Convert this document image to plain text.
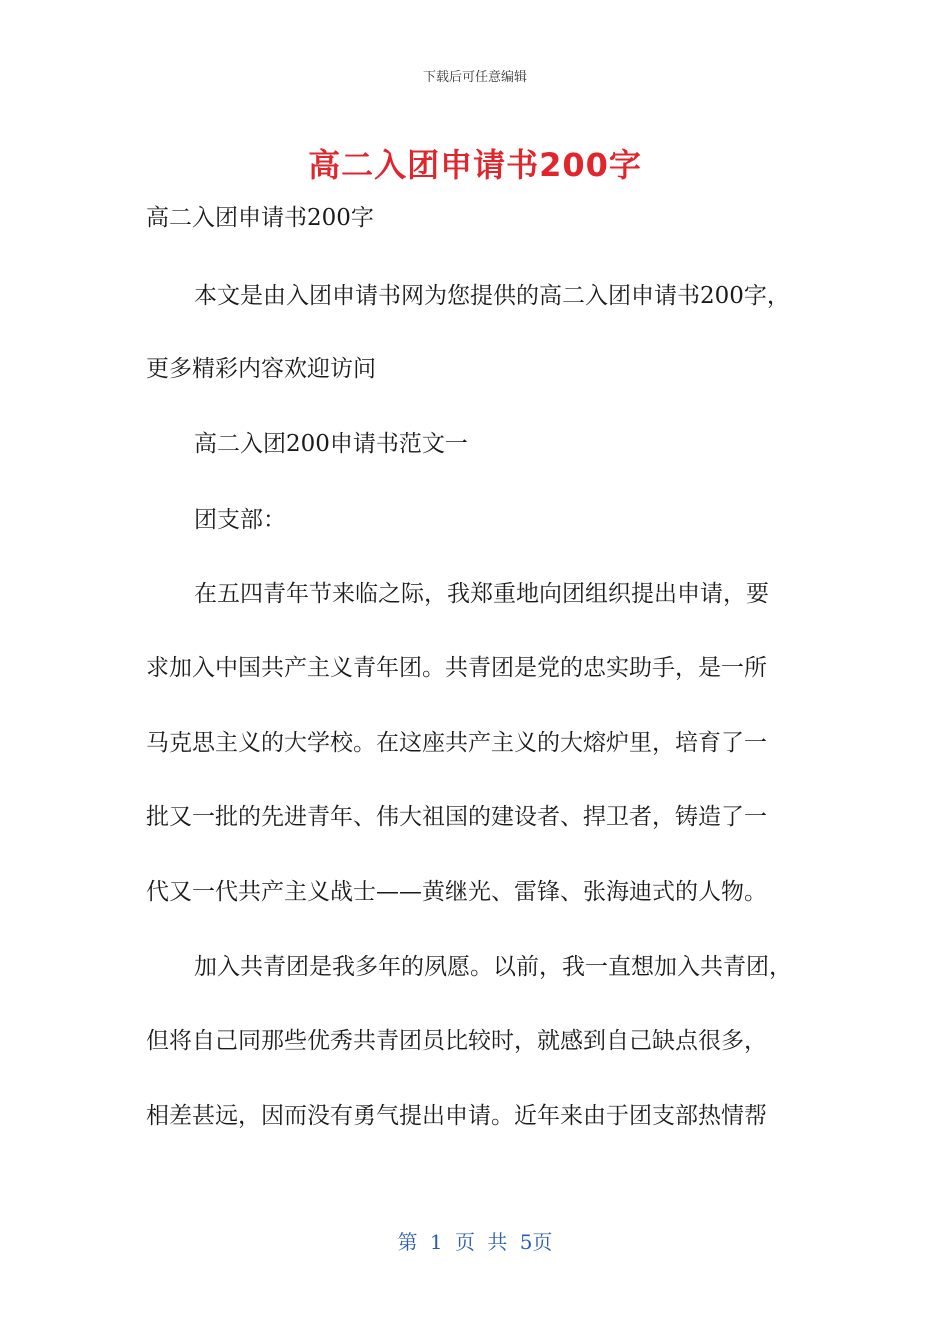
下载后可任意编辑
高二入团申请书200字
高二入团申请书200字
本文是由入团申请书网为您提供的高二入团申请书200字，
更多精彩内容欢迎访问
高二入团200申请书范文一
团支部：
在五四青年节来临之际，我郑重地向团组织提出申请，要
求加入中国共产主义青年团。共青团是党的忠实助手，是一所
马克思主义的大学校。在这座共产主义的大熔炉里，培育了一
批又一批的先进青年、伟大祖国的建设者、捍卫者，铸造了一
代又一代共产主义战士——黄继光、雷锋、张海迪式的人物。
加入共青团是我多年的夙愿。以前，我一直想加入共青团，
但将自己同那些优秀共青团员比较时，就感到自己缺点很多，
相差甚远，因而没有勇气提出申请。近年来由于团支部热情帮
第 1 页 共 5页
